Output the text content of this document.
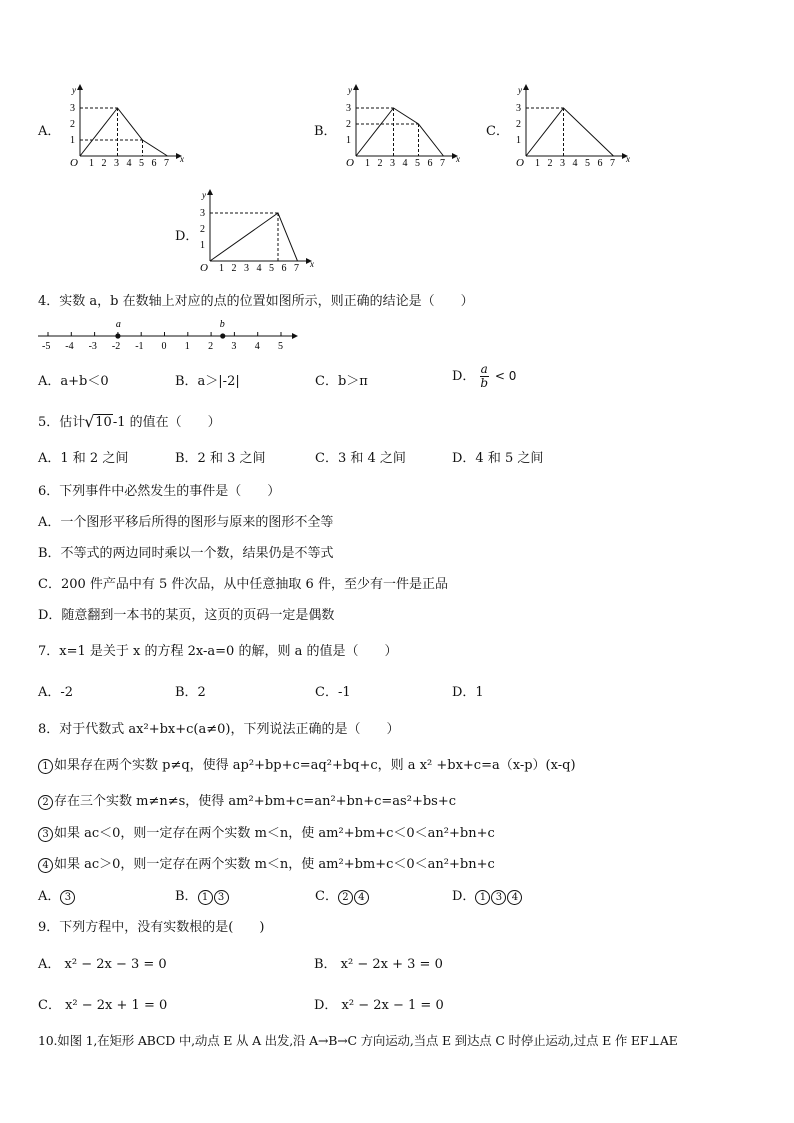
A．
y
x
O
1
2
3
1 2 3 4 5 6 7
B．
y
x
O
1
2
3
1 2 3 4 5 6 7
C．
y
x
O
1
2
3
1 2 3 4 5 6 7
D．
y
x
O
1
2
3
1 2 3 4 5 6 7
4．实数 a，b 在数轴上对应的点的位置如图所示，则正确的结论是（　　）
-5 -4 -3 -2 -1 0 1 2 3 4 5
a	b
A．a+b＜0	B．a＞|-2|	C．b＞π	D． $\frac{a}{b} < 0$
5．估计√ 10-1 的值在（　　）
A．1 和 2 之间	B．2 和 3 之间	C．3 和 4 之间	D．4 和 5 之间
6．下列事件中必然发生的事件是（　　）
A．一个图形平移后所得的图形与原来的图形不全等
B．不等式的两边同时乘以一个数，结果仍是不等式
C．200 件产品中有 5 件次品，从中任意抽取 6 件，至少有一件是正品
D．随意翻到一本书的某页，这页的页码一定是偶数
7．x=1 是关于 x 的方程 2x-a=0 的解，则 a 的值是（　　）
A．-2	B．2	C．-1	D．1
8．对于代数式 ax²+bx+c(a≠0)，下列说法正确的是（　　）
1 如果存在两个实数 p≠q，使得 ap²+bp+c=aq²+bq+c，则 a x² +bx+c=a（x-p）(x-q)
2 存在三个实数 m≠n≠s，使得 am²+bm+c=an²+bn+c=as²+bs+c
3 如果 ac＜0，则一定存在两个实数 m＜n，使 am²+bm+c＜0＜an²+bn+c
4 如果 ac＞0，则一定存在两个实数 m＜n，使 am²+bm+c＜0＜an²+bn+c
A． 3	B． 1 3	C． 2 4	D． 1 3 4
9．下列方程中，没有实数根的是(　　)
A． x² − 2x − 3 = 0	B． x² − 2x + 3 = 0
C． x² − 2x + 1 = 0	D． x² − 2x − 1 = 0
10.如图 1,在矩形 ABCD 中,动点 E 从 A 出发,沿 A→B→C 方向运动,当点 E 到达点 C 时停止运动,过点 E 作 EF⊥AE
